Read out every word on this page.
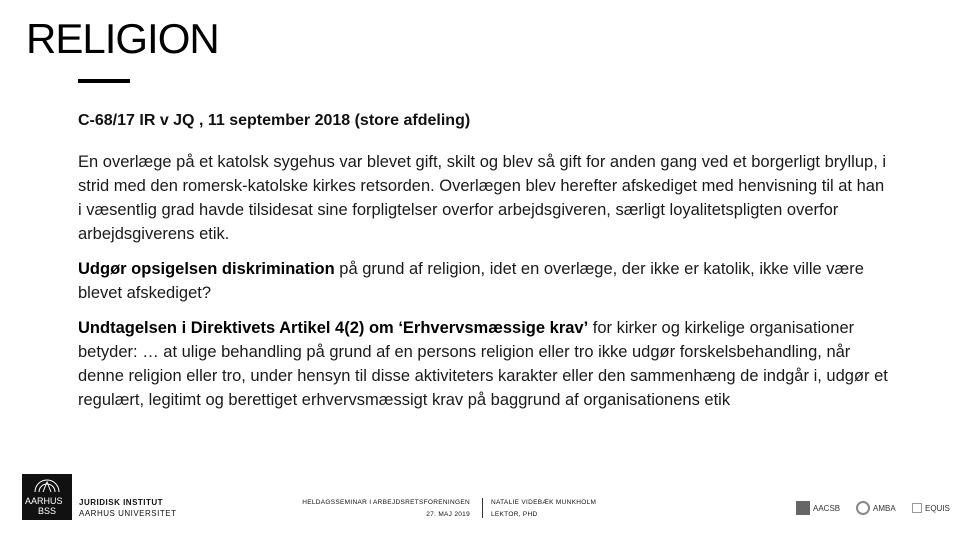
RELIGION

C-68/17 IR v JQ , 11 september 2018 (store afdeling)

En overlæge på et katolsk sygehus var blevet gift, skilt og blev så gift for anden gang ved et borgerligt bryllup, i strid med den romersk-katolske kirkes retsorden. Overlægen blev herefter afskediget med henvisning til at han i væsentlig grad havde tilsidesat sine forpligtelser overfor arbejdsgiveren, særligt loyalitetspligten overfor arbejdsgiverens etik.

Udgør opsigelsen diskrimination på grund af religion, idet en overlæge, der ikke er katolik, ikke ville være blevet afskediget?

Undtagelsen i Direktivets Artikel 4(2) om ‘Erhvervsmæssige krav’ for kirker og kirkelige organisationer betyder: … at ulige behandling på grund af en persons religion eller tro ikke udgør forskelsbehandling, når denne religion eller tro, under hensyn til disse aktiviteters karakter eller den sammenhæng de indgår i, udgør et regulært, legitimt og berettiget erhvervsmæssigt krav på baggrund af organisationens etik

AARHUS
BSS
JURIDISK INSTITUT
AARHUS UNIVERSITET
HELDAGSSEMINAR I ARBEJDSRETSFORENINGEN
27. MAJ 2019
NATALIE VIDEBÆK MUNKHOLM
LEKTOR, PHD
AACSB	AMBA	EQUIS
